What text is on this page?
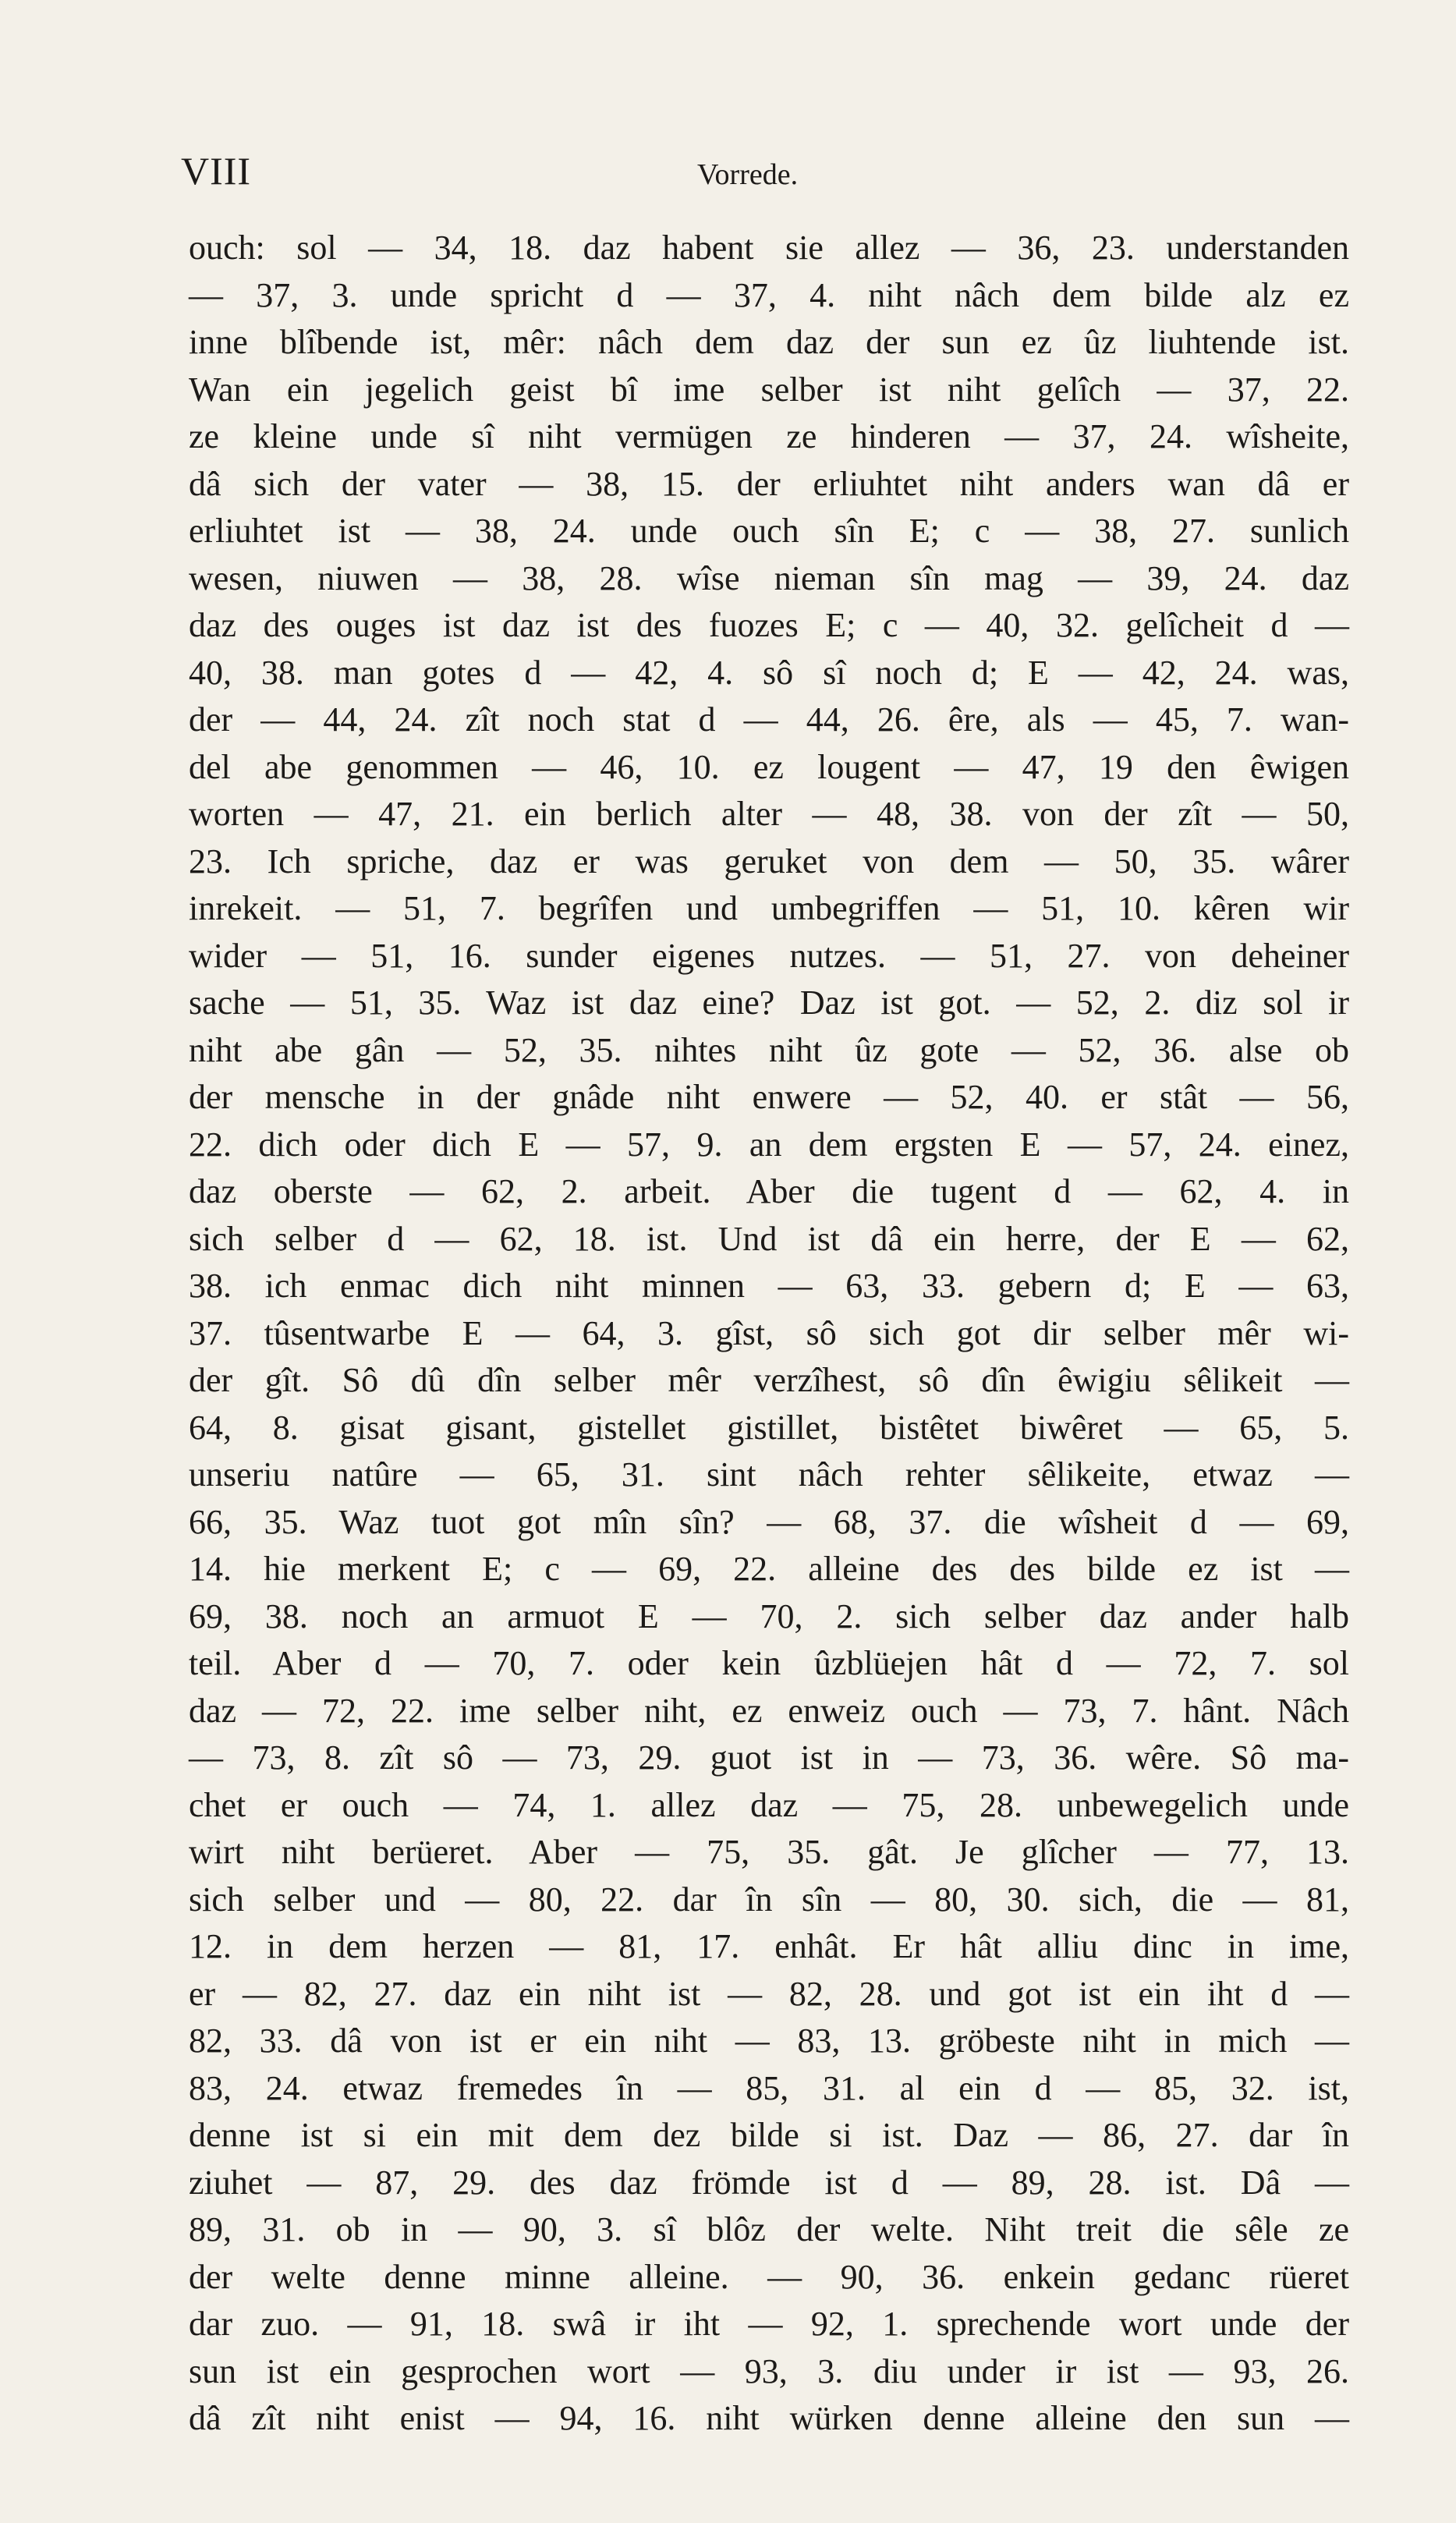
VIII	Vorrede.
ouch: sol — 34, 18. daz habent sie allez — 36, 23. understanden
— 37, 3. unde spricht d — 37, 4. niht nâch dem bilde alz ez
inne blîbende ist, mêr: nâch dem daz der sun ez ûz liuhtende ist.
Wan ein jegelich geist bî ime selber ist niht gelîch — 37, 22.
ze kleine unde sî niht vermügen ze hinderen — 37, 24. wîsheite,
dâ sich der vater — 38, 15. der erliuhtet niht anders wan dâ er
erliuhtet ist — 38, 24. unde ouch sîn E; c — 38, 27. sunlich
wesen, niuwen — 38, 28. wîse nieman sîn mag — 39, 24. daz
daz des ouges ist daz ist des fuozes E; c — 40, 32. gelîcheit d —
40, 38. man gotes d — 42, 4. sô sî noch d; E — 42, 24. was,
der — 44, 24. zît noch stat d — 44, 26. êre, als — 45, 7. wan-
del abe genommen — 46, 10. ez lougent — 47, 19 den êwigen
worten — 47, 21. ein berlich alter — 48, 38. von der zît — 50,
23. Ich spriche, daz er was geruket von dem — 50, 35. wârer
inrekeit. — 51, 7. begrîfen und umbegriffen — 51, 10. kêren wir
wider — 51, 16. sunder eigenes nutzes. — 51, 27. von deheiner
sache — 51, 35. Waz ist daz eine? Daz ist got. — 52, 2. diz sol ir
niht abe gân — 52, 35. nihtes niht ûz gote — 52, 36. alse ob
der mensche in der gnâde niht enwere — 52, 40. er stât — 56,
22. dich oder dich E — 57, 9. an dem ergsten E — 57, 24. einez,
daz oberste — 62, 2. arbeit. Aber die tugent d — 62, 4. in
sich selber d — 62, 18. ist. Und ist dâ ein herre, der E — 62,
38. ich enmac dich niht minnen — 63, 33. gebern d; E — 63,
37. tûsentwarbe E — 64, 3. gîst, sô sich got dir selber mêr wi-
der gît. Sô dû dîn selber mêr verzîhest, sô dîn êwigiu sêlikeit —
64, 8. gisat gisant, gistellet gistillet, bistêtet biwêret — 65, 5.
unseriu natûre — 65, 31. sint nâch rehter sêlikeite, etwaz —
66, 35. Waz tuot got mîn sîn? — 68, 37. die wîsheit d — 69,
14. hie merkent E; c — 69, 22. alleine des des bilde ez ist —
69, 38. noch an armuot E — 70, 2. sich selber daz ander halb
teil. Aber d — 70, 7. oder kein ûzblüejen hât d — 72, 7. sol
daz — 72, 22. ime selber niht, ez enweiz ouch — 73, 7. hânt. Nâch
— 73, 8. zît sô — 73, 29. guot ist in — 73, 36. wêre. Sô ma-
chet er ouch — 74, 1. allez daz — 75, 28. unbewegelich unde
wirt niht berüeret. Aber — 75, 35. gât. Je glîcher — 77, 13.
sich selber und — 80, 22. dar în sîn — 80, 30. sich, die — 81,
12. in dem herzen — 81, 17. enhât. Er hât alliu dinc in ime,
er — 82, 27. daz ein niht ist — 82, 28. und got ist ein iht d —
82, 33. dâ von ist er ein niht — 83, 13. gröbeste niht in mich —
83, 24. etwaz fremedes în — 85, 31. al ein d — 85, 32. ist,
denne ist si ein mit dem dez bilde si ist. Daz — 86, 27. dar în
ziuhet — 87, 29. des daz frömde ist d — 89, 28. ist. Dâ —
89, 31. ob in — 90, 3. sî blôz der welte. Niht treit die sêle ze
der welte denne minne alleine. — 90, 36. enkein gedanc rüeret
dar zuo. — 91, 18. swâ ir iht — 92, 1. sprechende wort unde der
sun ist ein gesprochen wort — 93, 3. diu under ir ist — 93, 26.
dâ zît niht enist — 94, 16. niht würken denne alleine den sun —
